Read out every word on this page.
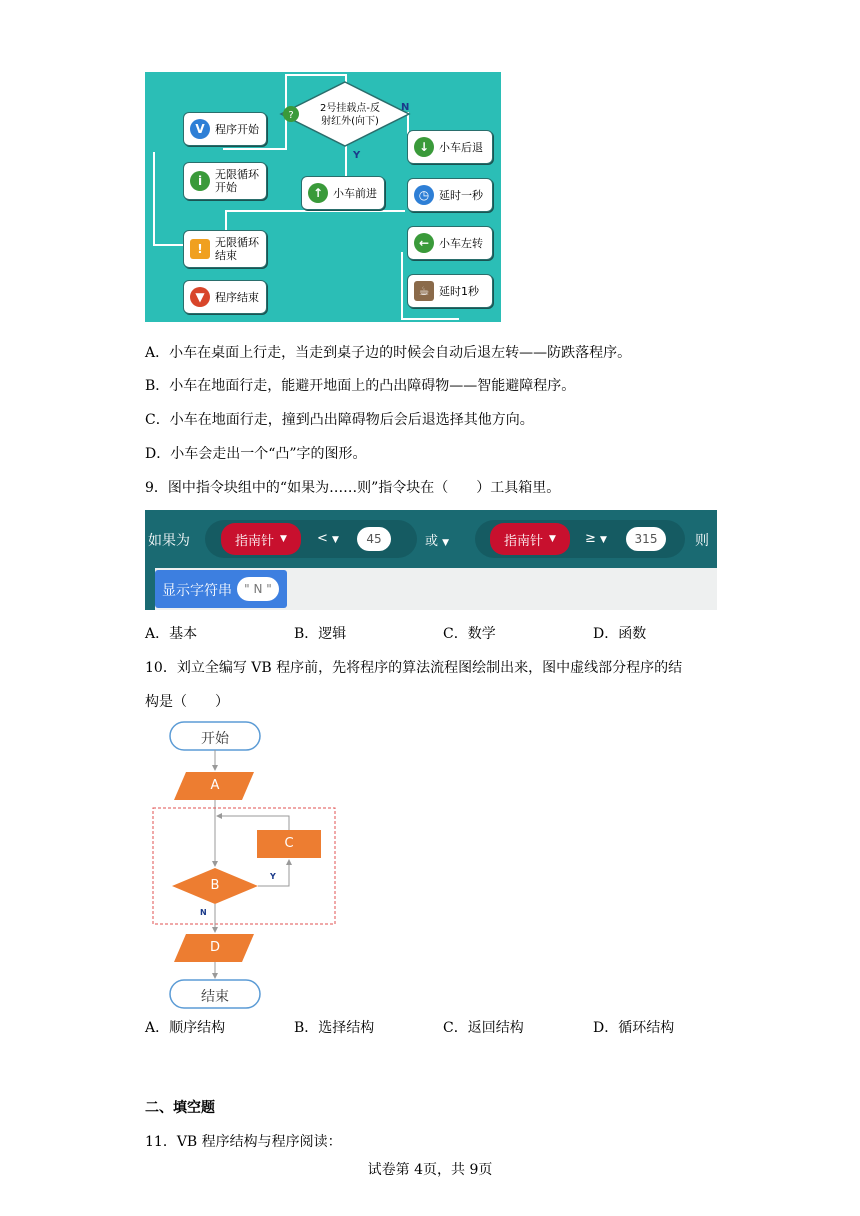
V 程序开始
i	无限循环
开始
!	无限循环
结束
▼ 程序结束
?
2号挂载点-反
射红外(向下)
N
Y
↑ 小车前进
↓ 小车后退
◷ 延时一秒
← 小车左转
☕ 延时1秒
A．小车在桌面上行走，当走到桌子边的时候会自动后退左转——防跌落程序。
B．小车在地面行走，能避开地面上的凸出障碍物——智能避障程序。
C．小车在地面行走，撞到凸出障碍物后会后退选择其他方向。
D．小车会走出一个“凸”字的图形。
9．图中指令块组中的“如果为……则”指令块在（　　）工具箱里。
如果为	指南针 ▼ < ▼	45	或 ▼	指南针 ▼ ≥ ▼	315	则
显示字符串	" N "
A．基本	B．逻辑	C．数学	D．函数
10．刘立全编写 VB 程序前，先将程序的算法流程图绘制出来，图中虚线部分程序的结
构是（　　）
开始
A
C
B
Y
N
D
结束
A．顺序结构	B．选择结构	C．返回结构	D．循环结构
二、填空题
11．VB 程序结构与程序阅读：
试卷第 4页，共 9页
